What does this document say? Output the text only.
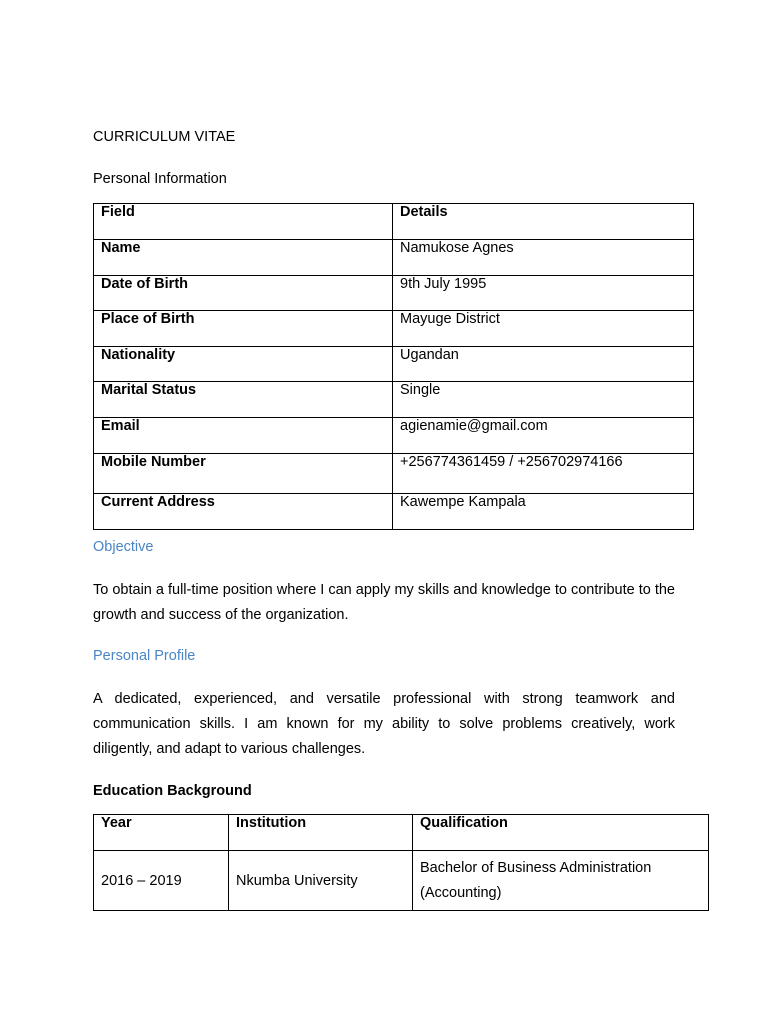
CURRICULUM VITAE
Personal Information
Field	Details
Name	Namukose Agnes
Date of Birth	9th July 1995
Place of Birth	Mayuge District
Nationality	Ugandan
Marital Status	Single
Email	agienamie@gmail.com
Mobile Number	+256774361459 / +256702974166
Current Address	Kawempe Kampala
Objective
To obtain a full-time position where I can apply my skills and knowledge to contribute to the growth and success of the organization.
Personal Profile
A dedicated, experienced, and versatile professional with strong teamwork and communication skills. I am known for my ability to solve problems creatively, work diligently, and adapt to various challenges.
Education Background
Year	Institution	Qualification
2016 – 2019	Nkumba University	Bachelor of Business Administration (Accounting)
